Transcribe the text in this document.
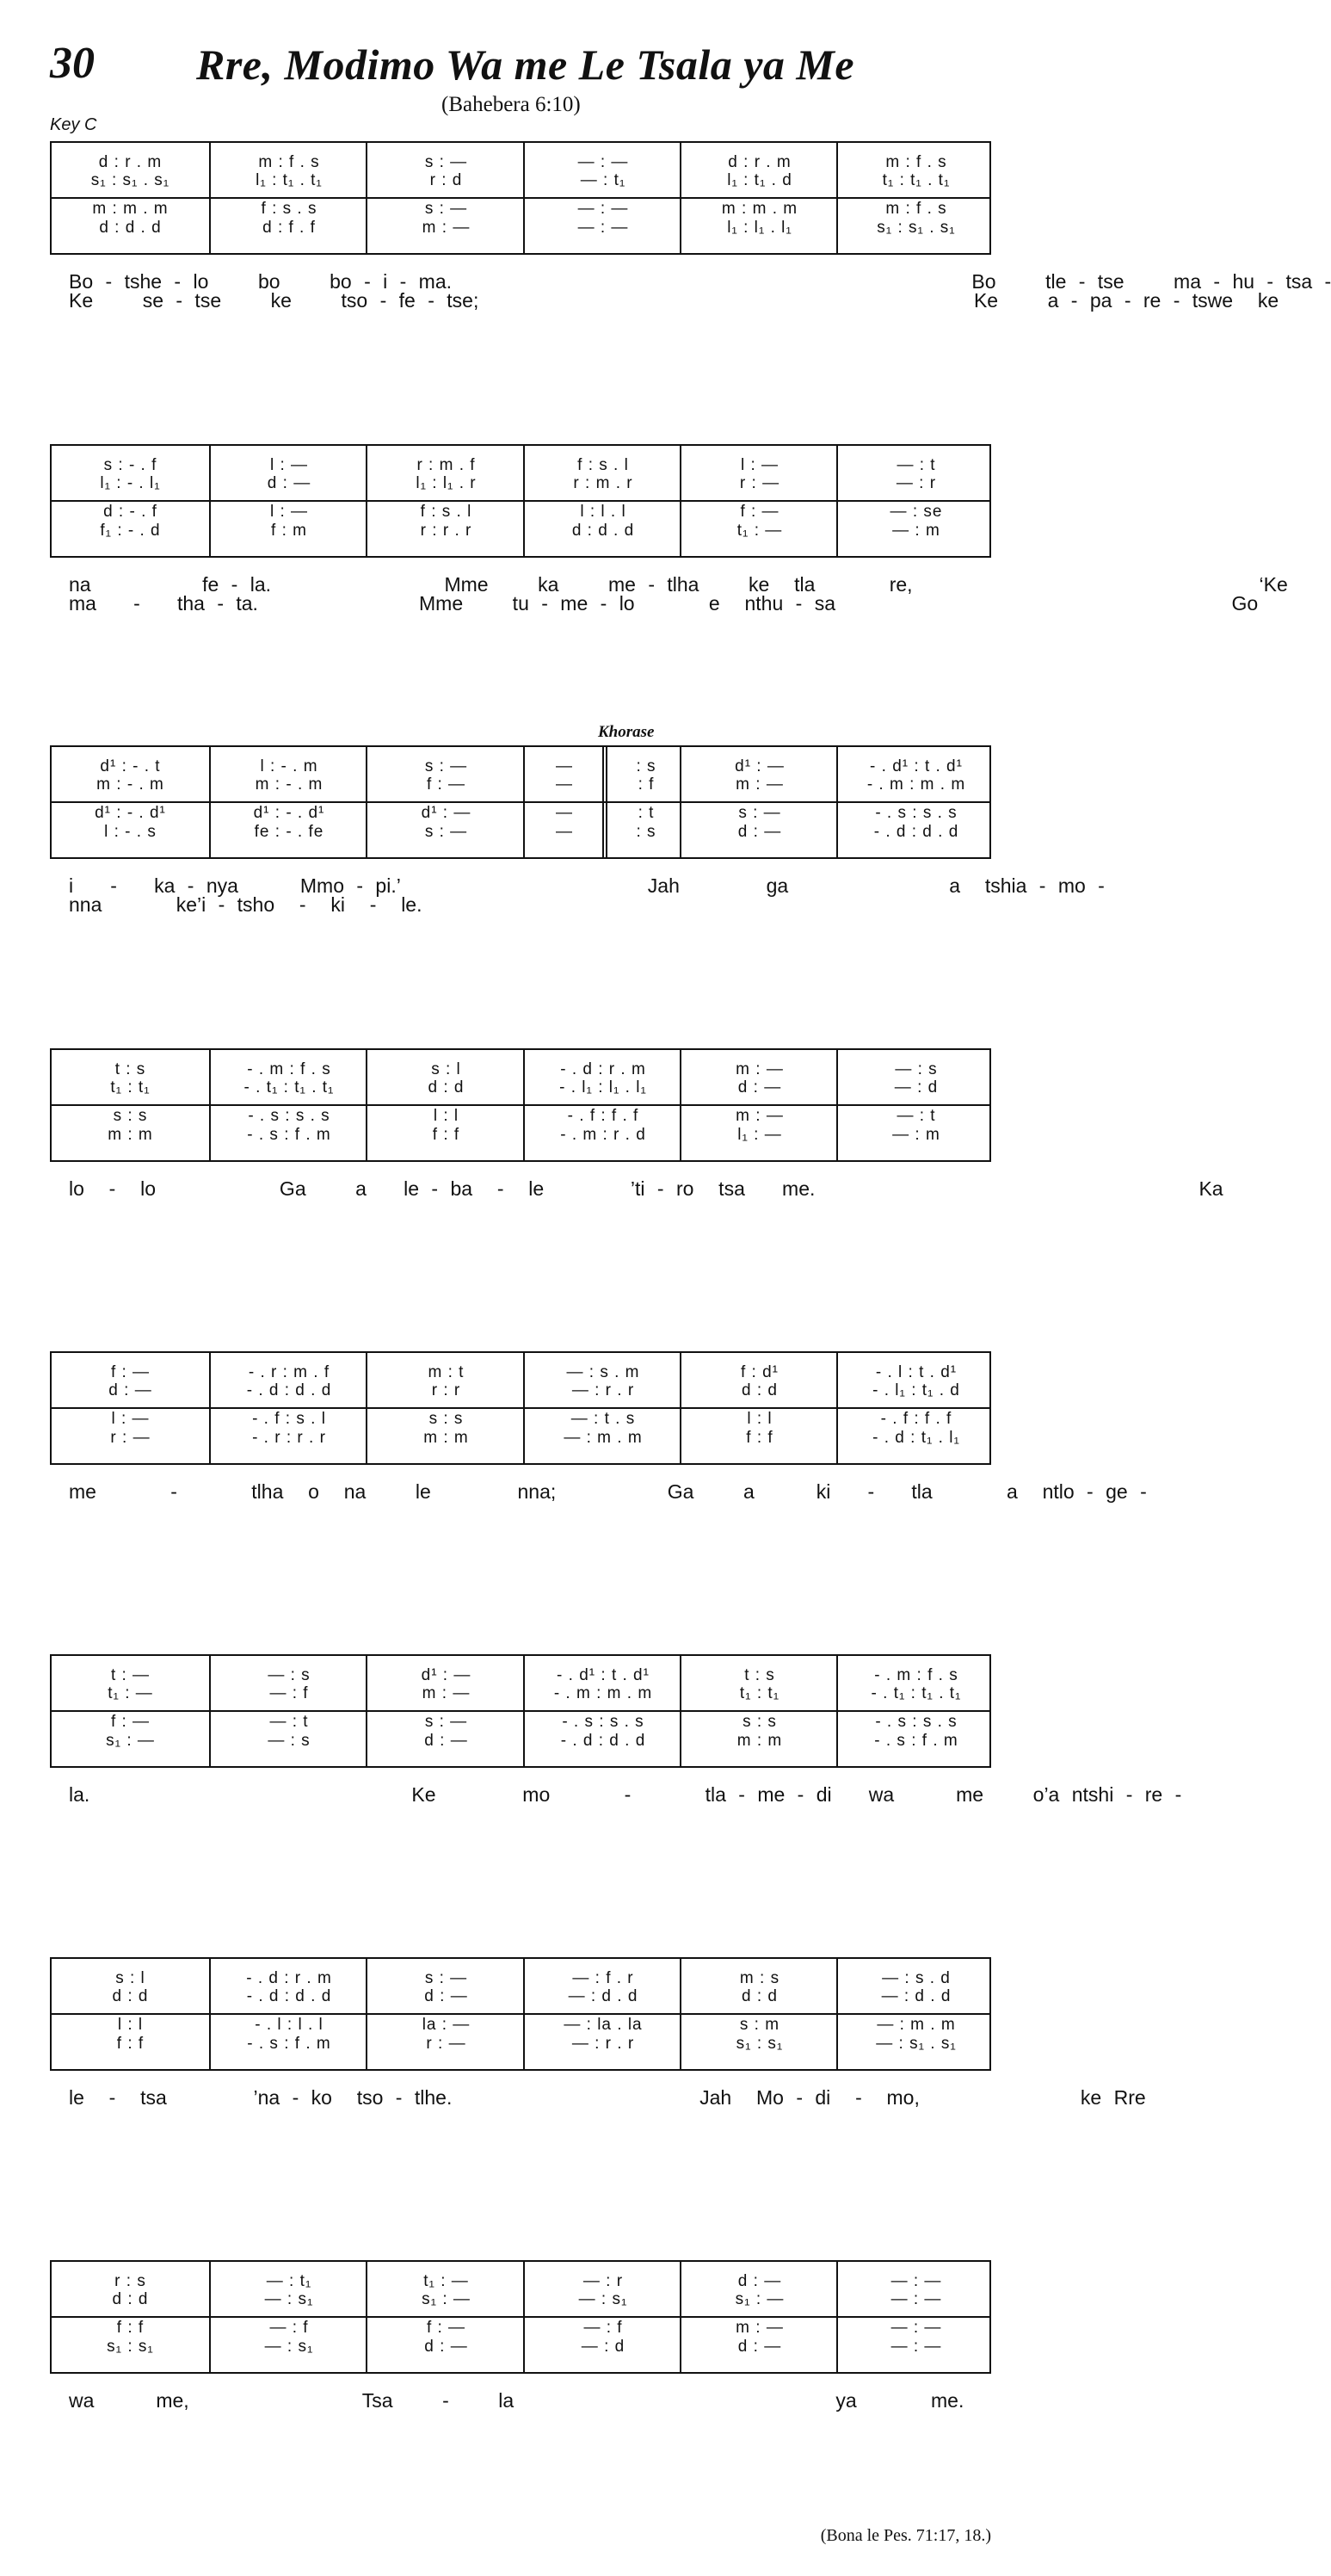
30 Rre, Modimo Wa me Le Tsala ya Me
(Bahebera 6:10)
Key C
d : r . m
s₁ : s₁ . s₁
m : m . m
d : d . d
m : f . s
l₁ : t₁ . t₁
f : s . s
d : f . f
s : —
r : d
s : —
m : —
— : —
— : t₁
— : —
— : —
d : r . m
l₁ : t₁ . d
m : m . m
l₁ : l₁ . l₁
m : f . s
t₁ : t₁ . t₁
m : f . s
s₁ : s₁ . s₁
Bo - tshe - lo    bo    bo - i - ma.                                          Bo    tle - tse    ma - hu - tsa -
Ke    se - tse    ke    tso - fe - tse;                                        Ke    a - pa - re - tswe  ke
s : - . f
l₁ : - . l₁
d : - . f
f₁ : - . d
l : —
d : —
l : —
f : m
r : m . f
l₁ : l₁ . r
f : s . l
r : r . r
f : s . l
r : m . r
l : l . l
d : d . d
l : —
r : —
f : —
t₁ : —
— : t
— : r
— : se
— : m
na         fe - la.              Mme    ka    me - tlha    ke  tla      re,                            ‘Ke
ma   -   tha - ta.             Mme    tu - me - lo      e  nthu - sa                                Go
d¹ : - . t
m : - . m
d¹ : - . d¹
l : - . s
l : - . m
m : - . m
d¹ : - . d¹
fe : - . fe
s : —
f : —
d¹ : —
s : —
—
—
—
—
: s
: f
: t
: s
d¹ : —
m : —
s : —
d : —
- . d¹ : t . d¹
- . m : m . m
- . s : s . s
- . d : d . d
i   -   ka - nya     Mmo - pi.’                    Jah       ga             a  tshia - mo -
nna      ke’i - tsho  -  ki  -  le.
t : s
t₁ : t₁
s : s
m : m
- . m : f . s
- . t₁ : t₁ . t₁
- . s : s . s
- . s : f . m
s : l
d : d
l : l
f : f
- . d : r . m
- . l₁ : l₁ . l₁
- . f : f . f
- . m : r . d
m : —
d : —
m : —
l₁ : —
— : s
— : d
— : t
— : m
lo  -  lo          Ga    a   le - ba  -  le       ’ti - ro  tsa   me.                               Ka
f : —
d : —
l : —
r : —
- . r : m . f
- . d : d . d
- . f : s . l
- . r : r . r
m : t
r : r
s : s
m : m
— : s . m
— : r . r
— : t . s
— : m . m
f : d¹
d : d
l : l
f : f
- . l : t . d¹
- . l₁ : t₁ . d
- . f : f . f
- . d : t₁ . l₁
me      -      tlha  o  na    le       nna;         Ga    a     ki   -   tla      a  ntlo - ge -
t : —
t₁ : —
f : —
s₁ : —
— : s
— : f
— : t
— : s
d¹ : —
m : —
s : —
d : —
- . d¹ : t . d¹
- . m : m . m
- . s : s . s
- . d : d . d
t : s
t₁ : t₁
s : s
m : m
- . m : f . s
- . t₁ : t₁ . t₁
- . s : s . s
- . s : f . m
la.                          Ke       mo      -      tla - me - di   wa     me    o’a ntshi - re -
s : l
d : d
l : l
f : f
- . d : r . m
- . d : d . d
- . l : l . l
- . s : f . m
s : —
d : —
la : —
r : —
— : f . r
— : d . d
— : la . la
— : r . r
m : s
d : d
s : m
s₁ : s₁
— : s . d
— : d . d
— : m . m
— : s₁ . s₁
le  -  tsa       ’na - ko  tso - tlhe.                    Jah  Mo - di  -  mo,             ke Rre
r : s
d : d
f : f
s₁ : s₁
— : t₁
— : s₁
— : f
— : s₁
t₁ : —
s₁ : —
f : —
d : —
— : r
— : s₁
— : f
— : d
d : —
s₁ : —
m : —
d : —
— : —
— : —
— : —
— : —
wa     me,              Tsa    -    la                          ya      me.
Khorase
(Bona le Pes. 71:17, 18.)
